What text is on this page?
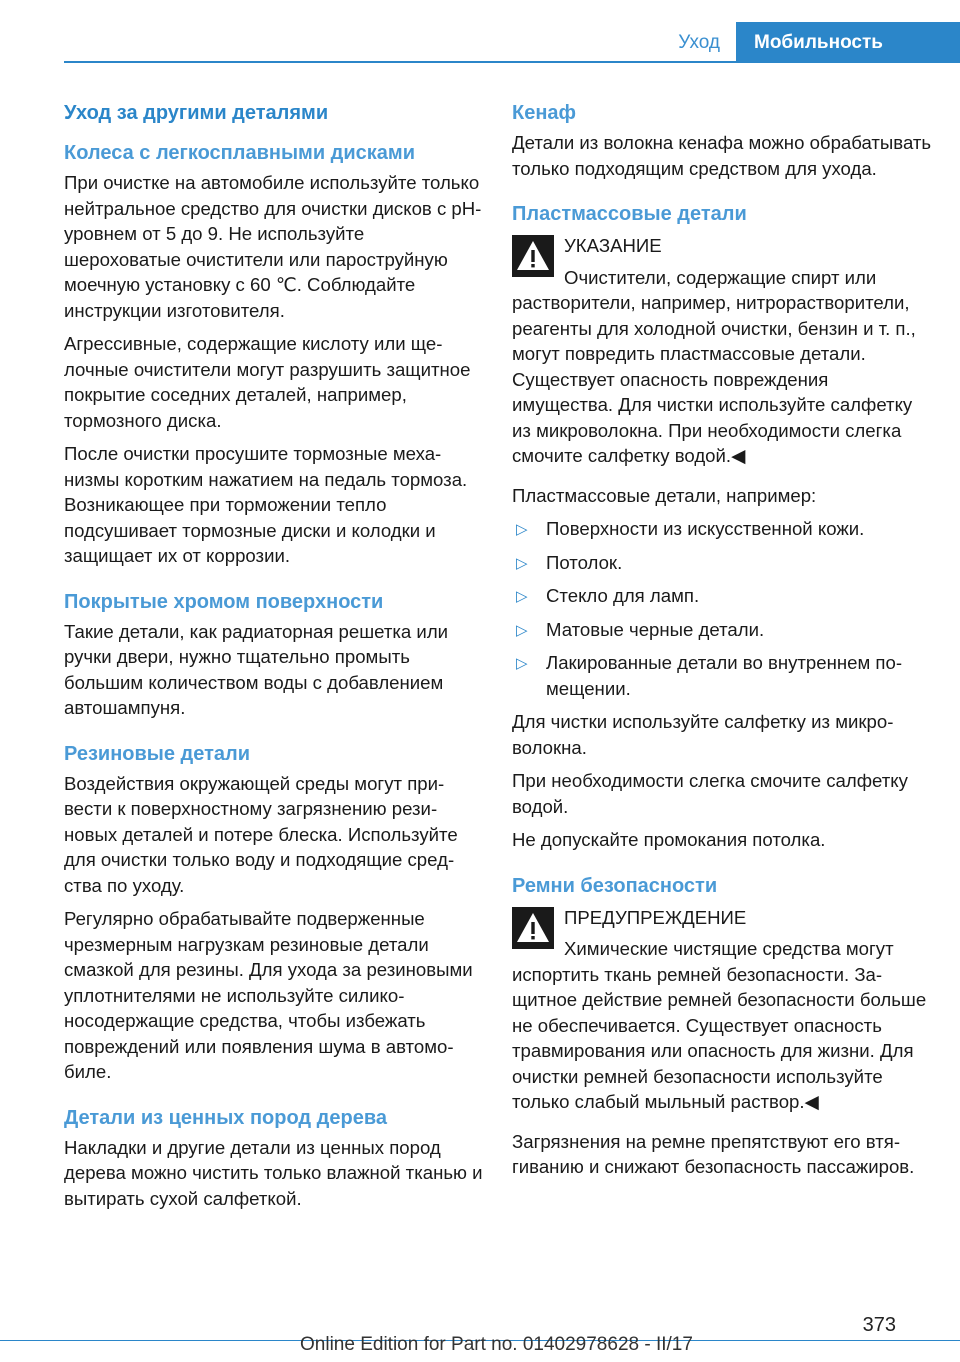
Уход	Мобильность
Уход за другими деталями
Колеса с легкосплавными дисками

При очистке на автомобиле используйте только нейтральное средство для очистки дисков с pH-уровнем от 5 до 9. Не используйте шероховатые очистители или пароструйную моечную установку с 60 ℃. Соблюдайте инструкции изготовителя.

Агрессивные, содержащие кислоту или щелочные очистители могут разрушить защитное покрытие соседних деталей, например, тормозного диска.

После очистки просушите тормозные механизмы коротким нажатием на педаль тормоза. Возникающее при торможении тепло подсушивает тормозные диски и колодки и защищает их от коррозии.

Покрытые хромом поверхности

Такие детали, как радиаторная решетка или ручки двери, нужно тщательно промыть большим количеством воды с добавлением автошампуня.

Резиновые детали

Воздействия окружающей среды могут привести к поверхностному загрязнению резиновых деталей и потере блеска. Используйте для очистки только воду и подходящие средства по уходу.

Регулярно обрабатывайте подверженные чрезмерным нагрузкам резиновые детали смазкой для резины. Для ухода за резиновыми уплотнителями не используйте силиконосодержащие средства, чтобы избежать повреждений или появления шума в автомобиле.

Детали из ценных пород дерева

Накладки и другие детали из ценных пород дерева можно чистить только влажной тканью и вытирать сухой салфеткой.

Кенаф

Детали из волокна кенафа можно обрабатывать только подходящим средством для ухода.

Пластмассовые детали
УКАЗАНИЕ
Очистители, содержащие спирт или

растворители, например, нитрорастворители, реагенты для холодной очистки, бензин и т. п., могут повредить пластмассовые детали. Существует опасность повреждения имущества. Для чистки используйте салфетку из микроволокна. При необходимости слегка смочите салфетку водой.◀

Пластмассовые детали, например:

▷ Поверхности из искусственной кожи.
▷ Потолок.
▷ Стекло для ламп.
▷ Матовые черные детали.
▷ Лакированные детали во внутреннем помещении.

Для чистки используйте салфетку из микроволокна.

При необходимости слегка смочите салфетку водой.

Не допускайте промокания потолка.

Ремни безопасности
ПРЕДУПРЕЖДЕНИЕ
Химические чистящие средства могут

испортить ткань ремней безопасности. Защитное действие ремней безопасности больше не обеспечивается. Существует опасность травмирования или опасность для жизни. Для очистки ремней безопасности используйте только слабый мыльный раствор.◀

Загрязнения на ремне препятствуют его втягиванию и снижают безопасность пассажиров.

373
Online Edition for Part no. 01402978628 - II/17
